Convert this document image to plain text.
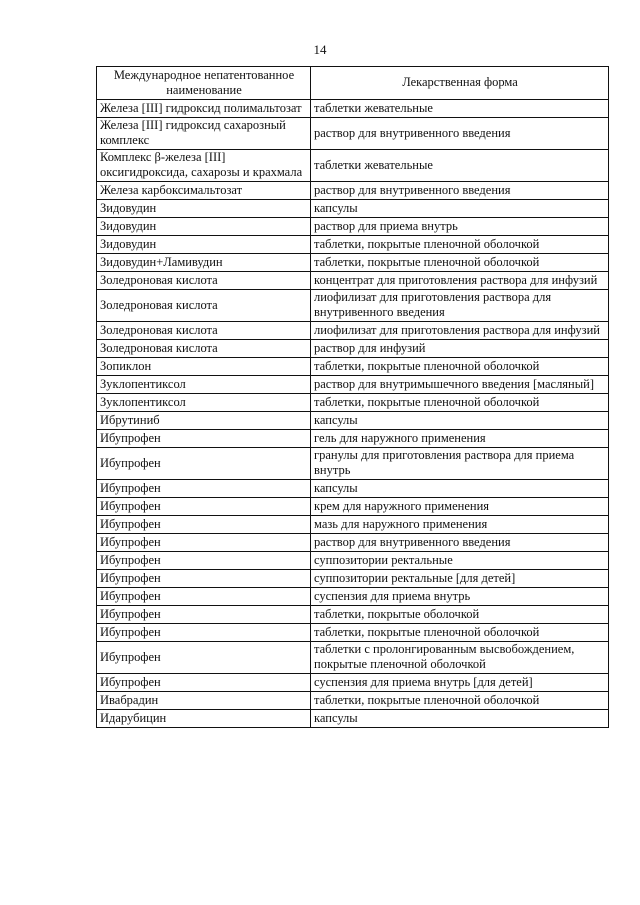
14
Международное непатентованное наименование	Лекарственная форма
Железа [III] гидроксид полимальтозат	таблетки жевательные
Железа [III] гидроксид сахарозный комплекс	раствор для внутривенного введения
Комплекс β-железа [III] оксигидроксида, сахарозы и крахмала	таблетки жевательные
Железа карбоксимальтозат	раствор для внутривенного введения
Зидовудин	капсулы
Зидовудин	раствор для приема внутрь
Зидовудин	таблетки, покрытые пленочной оболочкой
Зидовудин+Ламивудин	таблетки, покрытые пленочной оболочкой
Золедроновая кислота	концентрат для приготовления раствора для инфузий
Золедроновая кислота	лиофилизат для приготовления раствора для внутривенного введения
Золедроновая кислота	лиофилизат для приготовления раствора для инфузий
Золедроновая кислота	раствор для инфузий
Зопиклон	таблетки, покрытые пленочной оболочкой
Зуклопентиксол	раствор для внутримышечного введения [масляный]
Зуклопентиксол	таблетки, покрытые пленочной оболочкой
Ибрутиниб	капсулы
Ибупрофен	гель для наружного применения
Ибупрофен	гранулы для приготовления раствора для приема внутрь
Ибупрофен	капсулы
Ибупрофен	крем для наружного применения
Ибупрофен	мазь для наружного применения
Ибупрофен	раствор для внутривенного введения
Ибупрофен	суппозитории ректальные
Ибупрофен	суппозитории ректальные [для детей]
Ибупрофен	суспензия для приема внутрь
Ибупрофен	таблетки, покрытые оболочкой
Ибупрофен	таблетки, покрытые пленочной оболочкой
Ибупрофен	таблетки с пролонгированным высвобождением, покрытые пленочной оболочкой
Ибупрофен	суспензия для приема внутрь [для детей]
Ивабрадин	таблетки, покрытые пленочной оболочкой
Идарубицин	капсулы
